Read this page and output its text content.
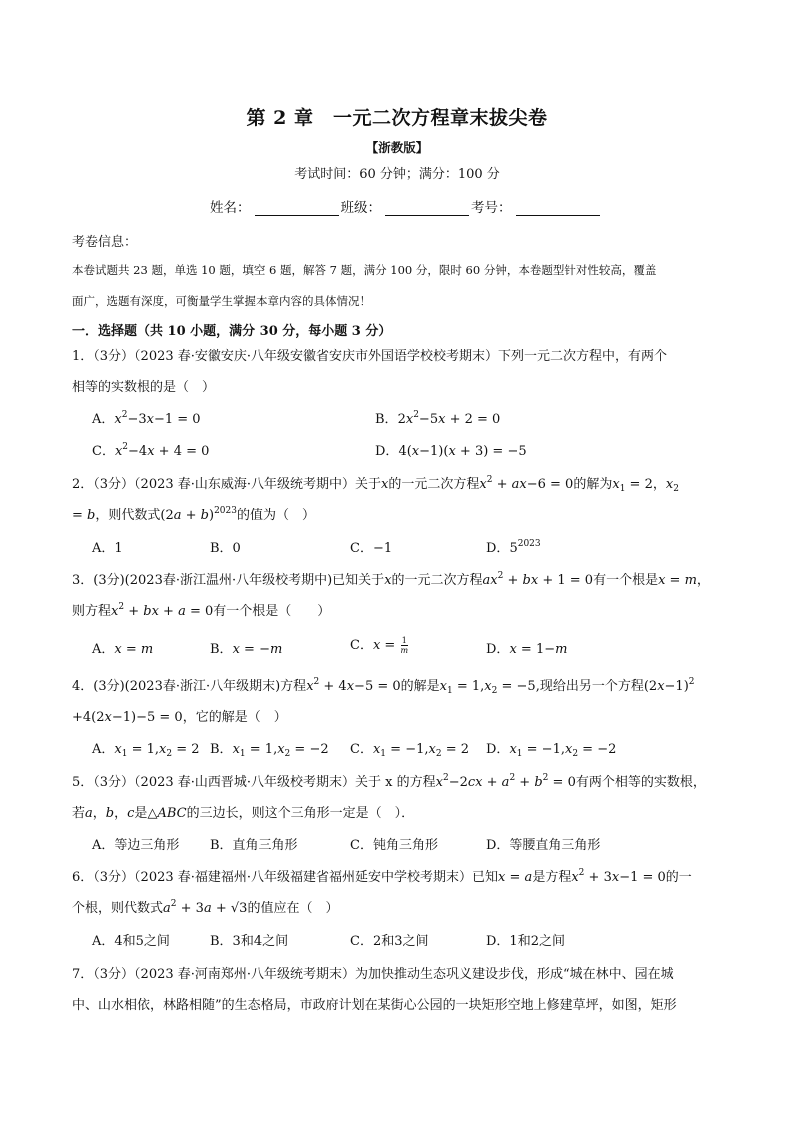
第 2 章　一元二次方程章末拔尖卷
【浙教版】
考试时间：60 分钟；满分：100 分
姓名：	班级：	考号：
考卷信息：
本卷试题共 23 题，单选 10 题，填空 6 题，解答 7 题，满分 100 分，限时 60 分钟，本卷题型针对性较高，覆盖
面广，选题有深度，可衡量学生掌握本章内容的具体情况！
一．选择题（共 10 小题，满分 30 分，每小题 3 分）
1．（3分）（2023 春·安徽安庆·八年级安徽省安庆市外国语学校校考期末）下列一元二次方程中，有两个
相等的实数根的是（　）
A．$x^2-3x-1 = 0$	B．$2x^2-5x + 2 = 0$
C．$x^2-4x + 4 = 0$	D．4(x−1)(x + 3) = −5
2．（3分）（2023 春·山东威海·八年级统考期中）关于x的一元二次方程$x^2 + ax-6 = 0$的解为$x_1 = 2$，$x_2$
= b，则代数式$(2a + b)^{2023}$的值为（　）
A．1	B．0	C．−1	D．$5^{2023}$
3．(3分)(2023春·浙江温州·八年级校考期中)已知关于x的一元二次方程$ax^2$ + bx + 1 = 0有一个根是x = m，
则方程$x^2$ + bx + a = 0有一个根是（　　）
A．x = m	B．x = −m	C．$x = \frac{1}{m}$	D．x = 1−m
4．(3分)(2023春·浙江·八年级期末)方程$x^2 + 4x-5 = 0$的解是$x_1 = 1,x_2 = -5$,现给出另一个方程$(2x-1)^2$
+4(2x−1)−5 = 0，它的解是（　）
A．$x_1 = 1,x_2 = 2$ B．$x_1 = 1,x_2 = -2$ C．$x_1 = -1,x_2 = 2$ D．$x_1 = -1,x_2 = -2$
5．（3分）（2023 春·山西晋城·八年级校考期末）关于 x 的方程$x^2-2cx + a^2 + b^2 = 0$有两个相等的实数根，
若a，b，c是△ABC的三边长，则这个三角形一定是（　）．
A．等边三角形 B．直角三角形	C．钝角三角形	D．等腰直角三角形
6．（3分）（2023 春·福建福州·八年级福建省福州延安中学校考期末）已知x = a是方程$x^2 + 3x-1 = 0$的一
个根，则代数式$a^2 + 3a + √3$的值应在（　）
A．4和5之间	B．3和4之间	C．2和3之间	D．1和2之间
7．（3分）（2023 春·河南郑州·八年级统考期末）为加快推动生态巩义建设步伐，形成“城在林中、园在城
中、山水相依，林路相随”的生态格局，市政府计划在某街心公园的一块矩形空地上修建草坪，如图，矩形
